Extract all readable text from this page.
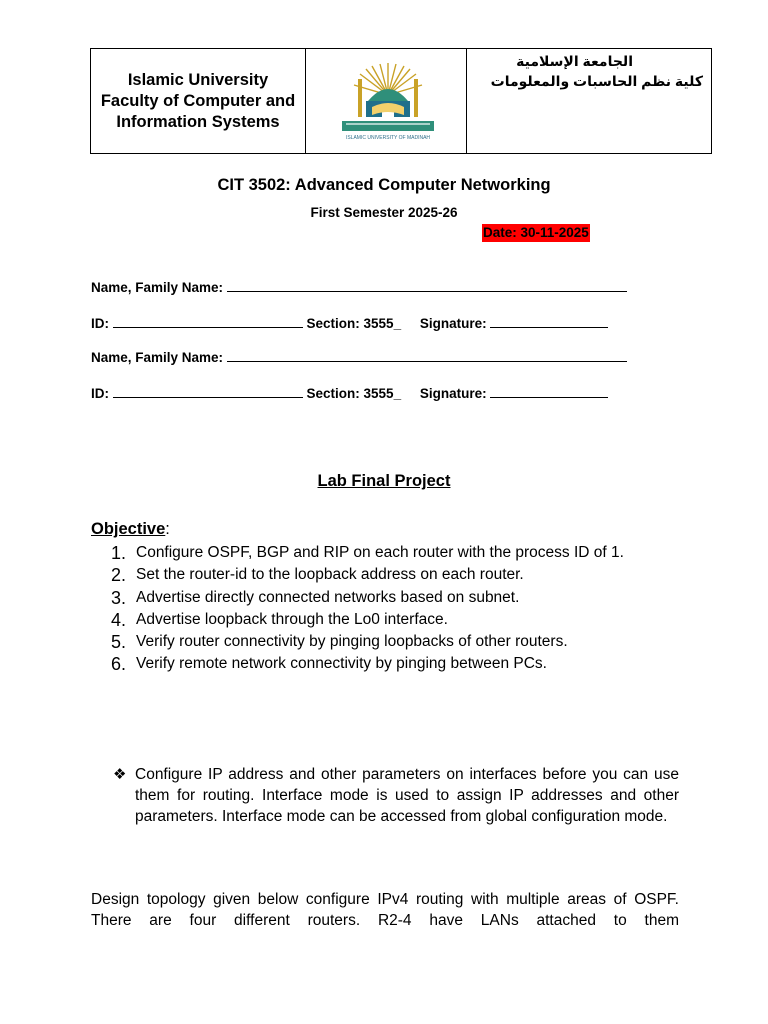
Islamic University Faculty of Computer and Information Systems
ISLAMIC UNIVERSITY OF MADINAH
الجامعة الإسلامية
كلية نظم الحاسبات والمعلومات
CIT 3502: Advanced Computer Networking
First Semester 2025-26
Date: 30-11-2025
Name, Family Name:
ID:	Section: 3555_ Signature:
Name, Family Name:
ID:	Section: 3555_ Signature:
Lab Final Project
Objective:
1. Configure OSPF, BGP and RIP on each router with the process ID of 1.
2. Set the router-id to the loopback address on each router.
3. Advertise directly connected networks based on subnet.
4. Advertise loopback through the Lo0 interface.
5. Verify router connectivity by pinging loopbacks of other routers.
6. Verify remote network connectivity by pinging between PCs.
❖ Configure IP address and other parameters on interfaces before you can use them for routing. Interface mode is used to assign IP addresses and other parameters. Interface mode can be accessed from global configuration mode.
Design topology given below configure IPv4 routing with multiple areas of OSPF. There are four different routers. R2-4 have LANs attached to them
